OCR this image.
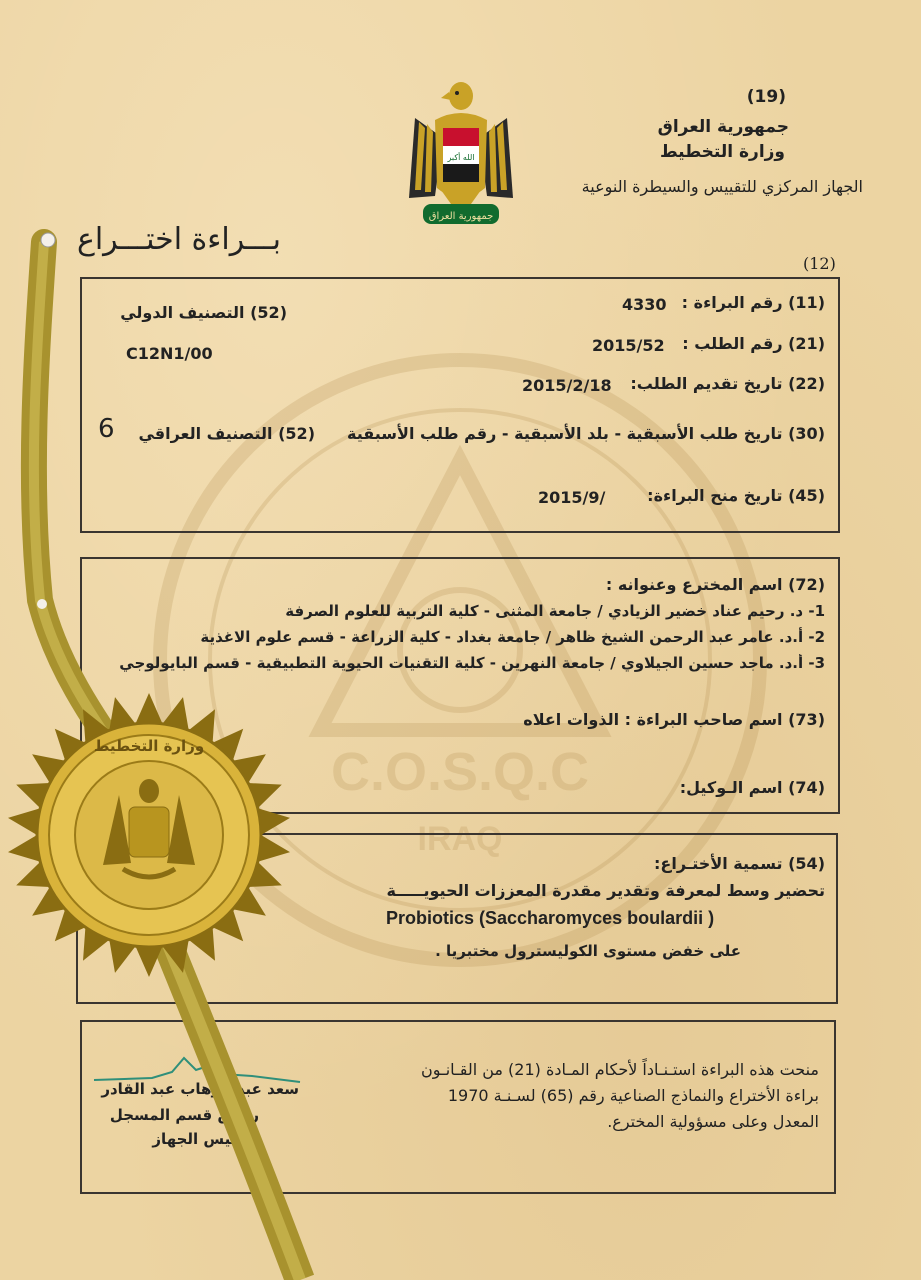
C.O.S.Q.C
IRAQ
الله أكبر
جمهورية العراق
(19)
جمهورية العراق
وزارة التخطيط
الجهاز المركزي للتقييس والسيطرة النوعية
بـــراءة اختـــراع
(12)
(11) رقم البراءة :
4330
(21) رقم الطلب :
2015/52
(22) تاريخ تقديم الطلب:
2015/2/18
(30) تاريخ طلب الأسبقية - بلد الأسبقية - رقم طلب الأسبقية
(45) تاريخ منح البراءة:
2015/9/
(52) التصنيف الدولي
C12N1/00
(52) التصنيف العراقي
6
(72) اسم المخترع وعنوانه :
1- د. رحيم عناد خضير الزيادي / جامعة المثنى - كلية التربية للعلوم الصرفة
2- أ.د. عامر عبد الرحمن الشيخ ظاهر / جامعة بغداد - كلية الزراعة - قسم علوم الاغذية
3- أ.د. ماجد حسين الجيلاوي / جامعة النهرين - كلية التقنيات الحيوية التطبيقية - قسم البايولوجي
(73) اسم صاحب البراءة : الذوات اعلاه
(74) اسم الـوكيل:
(54) تسمية الأختـراع:
تحضير وسط لمعرفة وتقدير مقدرة المعززات الحيويـــــة
Probiotics (Saccharomyces boulardii )
على خفض مستوى الكوليسترول مختبريا .
منحت هذه البراءة استـنـاداً لأحكام المـادة (21) من القـانـون
براءة الأختراع والنماذج الصناعية رقم (65) لسـنـة 1970
المعدل وعلى مسؤولية المخترع.
سعد عبد الوهاب عبد القادر
رئيس قسم المسجل
رئيس الجهاز
وزارة التخطيط
